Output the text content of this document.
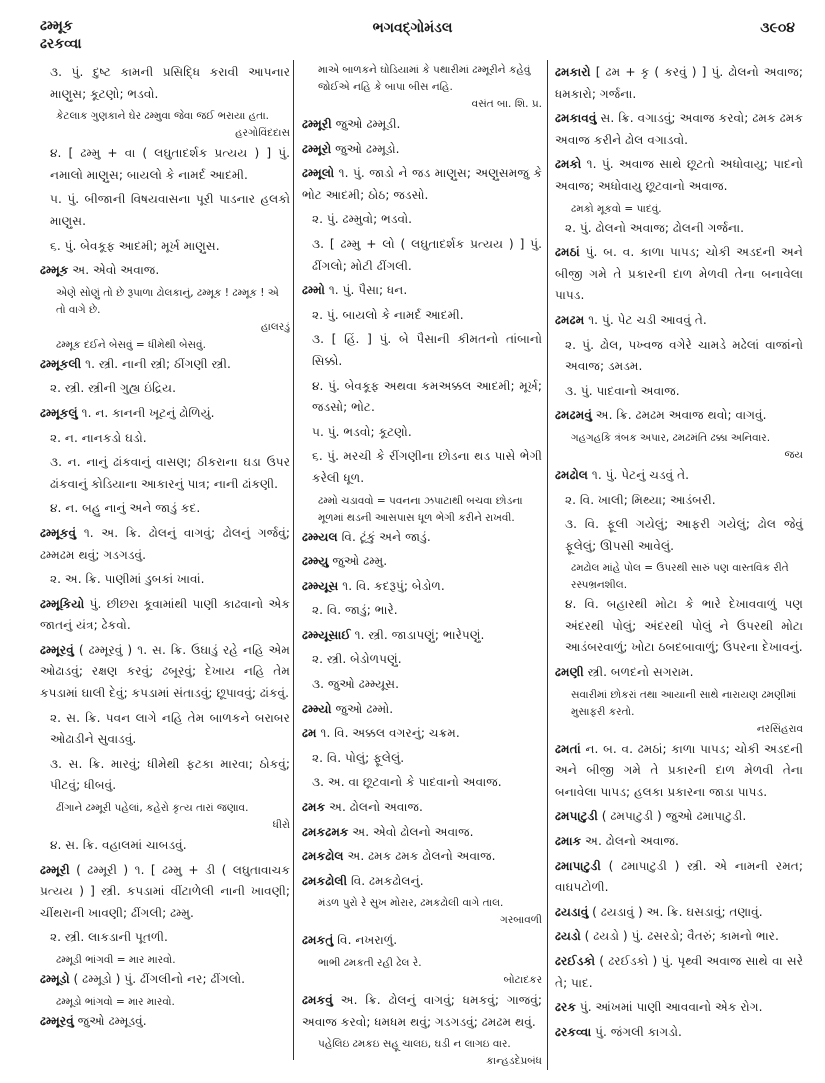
ઢમ્મૂક
ઢરકવ્વા
ભગવદ્ગોમંડલ	૩૯૦૪

૩. પું. દુષ્ટ કામની પ્રસિદ્ધિ કરાવી આપનાર માણુસ; કૂટણો; ભડવો.

કેટલાક ગુણકાને ઘેર ઢમ્મુવા જેવા જઈ ભરાયા હતા.

હરગોવિંદદાસ

૪. [ ઢમ્મુ + વા ( લઘુતાદર્શક પ્રત્યય ) ] પું. નમાલો માણુસ; બાયલો કે નામર્દ આદમી.

૫. પું. બીજાની વિષયવાસના પૂરી પાડનાર હલકો માણુસ.

૬. પું. બેવકૂફ આદમી; મૂર્ખ માણુસ.

ઢમ્મૂક અ. એવો અવાજ.

એણે સોણું તો છે રૂપાળા ઢોલકાનું, ઢમ્મૂક ! ઢમ્મૂક ! એ તો વાગે છે.

હાલરડું

ઢમ્મૂક દઈને બેસવું = ધીમેથી બેસવું.

ઢમ્મૂકલી ૧. સ્ત્રી. નાની સ્ત્રી; ઠીંગણી સ્ત્રી.

૨. સ્ત્રી. સ્ત્રીની ગુહ્ય ઇંદ્રિય.

ઢમ્મૂકલું ૧. ન. કાનની ખૂટનું ઢોળિયું.

૨. ન. નાનકડો ઘડો.

૩. ન. નાનું ઢાંકવાનું વાસણ; ઠીકરાના ઘડા ઉપર ઢાંકવાનું કોડિયાના આકારનું પાત્ર; નાની ઢાંકણી.

૪. ન. બહુ નાનું અને જાડું કદ.

ઢમ્મૂકવું ૧. અ. ક્રિ. ઢોલનું વાગવું; ઢોલનું ગર્જવું; ઢમ્મઢમ થવું; ગડગડવું.

૨. અ. ક્રિ. પાણીમાં ડુબકાં ખાવાં.

ઢમ્મૂકિયો પું. છીછરા કૂવામાંથી પાણી કાઢવાનો એક જાતનું યંત્ર; ઢેકવો.

ઢમ્મૂરવું ( ઢમ્મૂરવું ) ૧. સ. ક્રિ. ઉઘાડું રહે નહિ એમ ઓઢાડવું; રક્ષણ કરવું; ઢબૂરવું; દેખાય નહિ તેમ કપડામાં ઘાલી દેવું; કપડામાં સંતાડવું; છૂપાવવું; ઢાંકવું.

૨. સ. ક્રિ. પવન લાગે નહિ તેમ બાળકને બરાબર ઓઢાડીને સુવાડવું.

૩. સ. ક્રિ. મારવું; ધીમેથી ફટકા મારવા; ઠોકવું; પીટવું; ધીબવું.

ઢીંગાને ઢમ્મૂરી પહેલાં, કહેરો કૃત્ય તારાં જણાવ.

ધીરો

૪. સ. ક્રિ. વહાલમાં ચાબડવું.

ઢમ્મૂરી ( ઢમ્મૂરી ) ૧. [ ઢમ્મુ + ડી ( લઘુતાવાચક પ્રત્યય ) ] સ્ત્રી. કપડામાં વીંટાળેલી નાની ખાવણી; ચીંથરાની ખાવણી; ઢીંગલી; ઢમ્મુ.

૨. સ્ત્રી. લાકડાની પૂતળી.

ઢમ્મૂડી ભાંગવી = માર મારવો.

ઢમ્મૂડો ( ઢમ્મૂડો ) પું. ઢીંગલીનો નર; ઢીંગલો.

ઢમ્મૂડો ભાંગવો = માર મારવો.

ઢમ્મૂરવું જુઓ ઢમ્મૂડવું.

માએ બાળકને ઘોડિયામાં કે પથારીમાં ઢમ્મૂરીને કહેવું જોઈએ નહિ કે બાપા બીસ નહિ.

વસંત બા. શિ. પ્ર.

ઢમ્મૂરી જુઓ ઢમ્મૂડી.

ઢમ્મૂરો જુઓ ઢમ્મૂડો.

ઢમ્મૂલો ૧. પું. જાડો ને જડ માણુસ; અણુસમજુ કે ભોટ આદમી; ઠોઠ; જડસો.

૨. પું. ઢમ્મુવો; ભડવો.

૩. [ ઢમ્મુ + લો ( લઘુતાદર્શક પ્રત્યય ) ] પું. ઢીંગલો; મોટી ઢીંગલી.

ઢમ્મો ૧. પું. પૈસા; ધન.

૨. પું. બાયલો કે નામર્દ આદમી.

૩. [ હિં. ] પું. બે પૈસાની કીમતનો તાંબાનો સિક્કો.

૪. પું. બેવકૂફ અથવા કમઅક્કલ આદમી; મૂર્ખ; જડસો; ભોટ.

૫. પું. ભડવો; કૂટણો.

૬. પું. મરચી કે રીંગણીના છોડના થડ પાસે ભેગી કરેલી ધૂળ.

ઢમ્મો ચડાવવો = પવનના ઝપાટાથી બચવા છોડના મૂળમાં થડની આસપાસ ધૂળ ભેગી કરીને રાખવી.

ઢમ્મ્યલ વિ. ટૂંકું અને જાડું.

ઢમ્મ્યુ જુઓ ઢમ્મુ.

ઢમ્મ્યૂસ ૧. વિ. કદરૂપું; બેડોળ.

૨. વિ. જાડું; ભારે.

ઢમ્મ્યૂસાઈ ૧. સ્ત્રી. જાડાપણું; ભારેપણું.

૨. સ્ત્રી. બેડોળપણું.

૩. જુઓ ઢમ્મ્યૂસ.

ઢમ્મ્યો જુઓ ઢમ્મો.

ઢમ ૧. વિ. અક્કલ વગરનું; ચક્રમ.

૨. વિ. પોલું; ફૂલેલું.

૩. અ. વા છૂટવાનો કે પાદવાનો અવાજ.

ઢમક અ. ઢોલનો અવાજ.

ઢમકઢમક અ. એવો ઢોલનો અવાજ.

ઢમકઢોલ અ. ઢમક ઢમક ઢોલનો અવાજ.

ઢમકઢોલી વિ. ઢમકઢોલનું.

મંડળ પુરો રે સુખ મોરાર, ઢમકઢોલી વાગે તાલ.

ગરબાવળી

ઢમકતું વિ. નખરાળું.

ભાભી ઢમકતી રહી ઢેલ રે.

બોટાદકર

ઢમકવું અ. ક્રિ. ઢોલનું વાગવું; ધમકવું; ગાજવું; અવાજ કરવો; ધમધમ થવું; ગડગડવું; ઢમઢમ થવું.

પહેલિઇ ઢમકઇ સહૂ ચાલઇ, ઘડી ન લાગઇ વાર.

કાન્હડદેપ્રબંધ

ઢમકારો [ ઢમ + કૃ ( કરવું ) ] પું. ઢોલનો અવાજ; ધમકારો; ગર્જના.

ઢમકાવવું સ. ક્રિ. વગાડવું; અવાજ કરવો; ઢમક ઢમક અવાજ કરીને ઢોલ વગાડવો.

ઢમકો ૧. પું. અવાજ સાથે છૂટતો અધોવાયુ; પાદનો અવાજ; અધોવાયુ છૂટવાનો અવાજ.

ઢમકો મૂકવો = પાદવું.

૨. પું. ઢોલનો અવાજ; ઢોલની ગર્જના.

ઢમઠાં પું. બ. વ. કાળા પાપડ; ચોકી અડદની અને બીજી ગમે તે પ્રકારની દાળ મેળવી તેના બનાવેલા પાપડ.

ઢમઢમ ૧. પું. પેટ ચડી આવવું તે.

૨. પું. ઢોલ, પખ્વજ વગેરે ચામડે મઢેલાં વાજાંનો અવાજ; ડમડમ.

૩. પું. પાદવાનો અવાજ.

ઢમઢમવું અ. ક્રિ. ઢમઢમ અવાજ થવો; વાગવું.

ગહગહકિ ત્રંબક અપાર, ઢમઢમંતિ ઢક્કા અનિવાર.

જય

ઢમઢોલ ૧. પું. પેટનું ચડવું તે.

૨. વિ. ખાલી; મિથ્યા; આડંબરી.

૩. વિ. ફૂલી ગયેલું; આફરી ગયેલું; ઢોલ જેવું ફૂલેલું; ઊપસી આવેલું.

ઢમઢોલ માંહે પોલ = ઉપરથી સારું પણ વાસ્તવિક રીતે રસ્પભ્રનશીલ.

૪. વિ. બહારથી મોટા કે ભારે દેખાવવાળું પણ અંદરથી પોલું; અંદરથી પોલું ને ઉપરથી મોટા આડંબરવાળું; ખોટા ઠબદબાવાળું; ઉપરના દેખાવનું.

ઢમણી સ્ત્રી. બળદનો સગરામ.

સવારીમાં છોકરાં તથા આયાની સાથે નારાયણ ઢમણીમાં મુસાફરી કરતો.

નરસિંહરાવ

ઢમતાં ન. બ. વ. ઢમઠાં; કાળા પાપડ; ચોકી અડદની અને બીજી ગમે તે પ્રકારની દાળ મેળવી તેના બનાવેલા પાપડ; હલકા પ્રકારના જાડા પાપડ.

ઢમપાટુડી ( ઢમપાટુડી ) જુઓ ઢમાપાટુડી.

ઢમાક અ. ઢોલનો અવાજ.

ઢમાપાટુડી ( ઢમાપાટુડી ) સ્ત્રી. એ નામની રમત; વાઘપટોળી.

ઢયડાવું ( ઢયડાવું ) અ. ક્રિ. ઘસડાવું; તણાવું.

ઢયડો ( ઢયડો ) પું. ઢસરડો; વૈતરું; કામનો ભાર.

ઢરઈડકો ( ઢરઈડકો ) પું. પૃથ્વી અવાજ સાથે વા સરે તે; પાદ.

ઢરક પું. આંખમાં પાણી આવવાનો એક રોગ.

ઢરકવ્વા પું. જંગલી કાગડો.
